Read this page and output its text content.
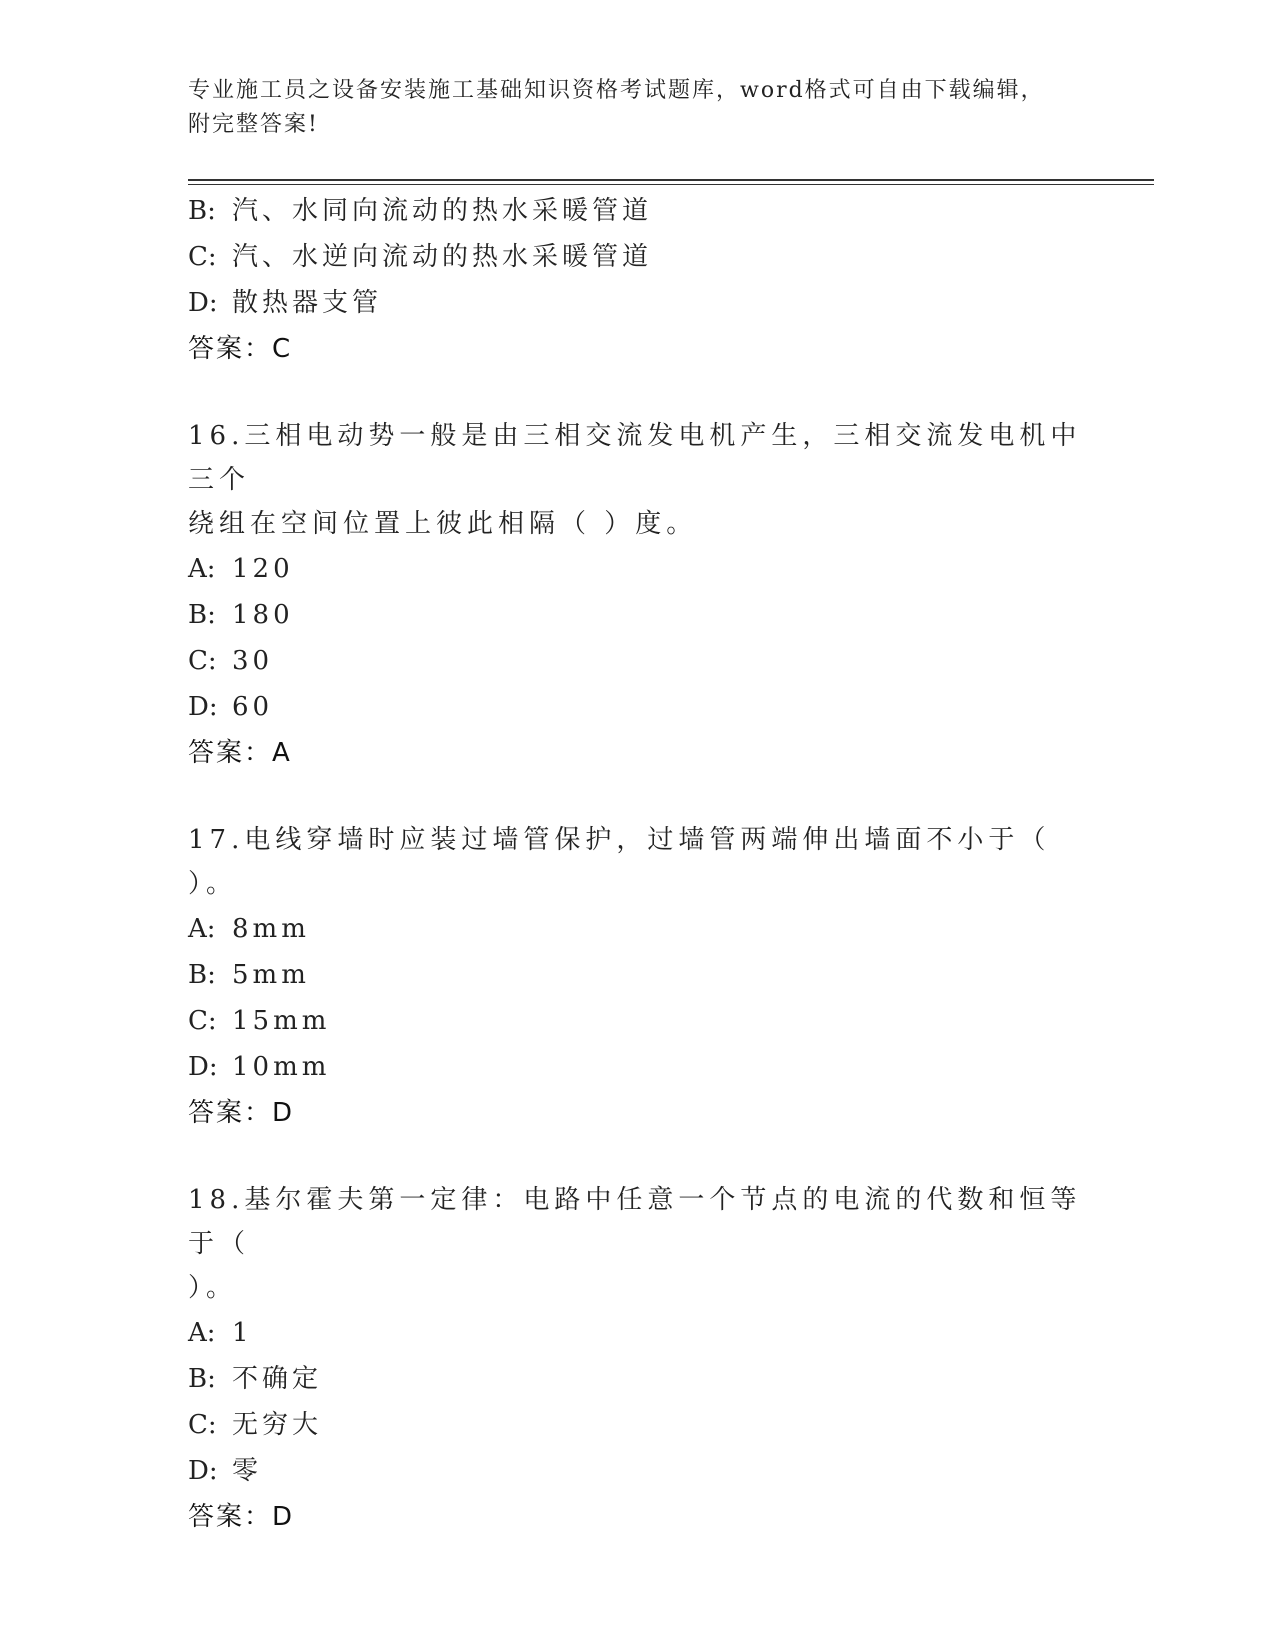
专业施工员之设备安装施工基础知识资格考试题库，word格式可自由下载编辑，
附完整答案!
B: 汽、水同向流动的热水采暖管道
C: 汽、水逆向流动的热水采暖管道
D: 散热器支管
答案：C
16.三相电动势一般是由三相交流发电机产生，三相交流发电机中三个
绕组在空间位置上彼此相隔（ ）度。
A: 120
B: 180
C: 30
D: 60
答案：A
17.电线穿墙时应装过墙管保护，过墙管两端伸出墙面不小于（ ）。
A: 8mm
B: 5mm
C: 15mm
D: 10mm
答案：D
18.基尔霍夫第一定律：电路中任意一个节点的电流的代数和恒等于（
）。
A: 1
B: 不确定
C: 无穷大
D: 零
答案：D
